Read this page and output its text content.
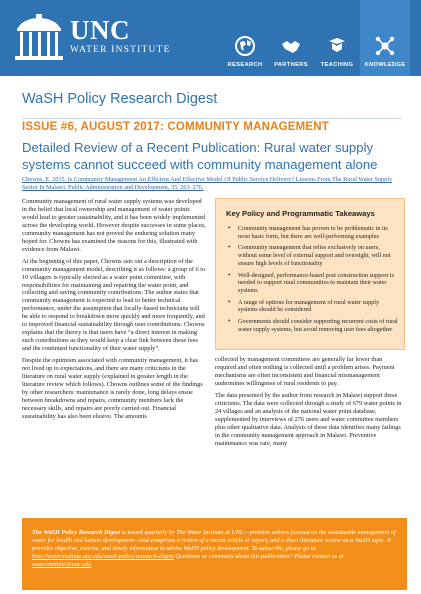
UNC
WATER INSTITUTE
RESEARCH PARTNERS TEACHING KNOWLEDGE
WaSH Policy Research Digest
ISSUE #6, AUGUST 2017: COMMUNITY MANAGEMENT
Detailed Review of a Recent Publication: Rural water supply systems cannot succeed with community management alone
Chowns, E. 2015. Is Community Management An Efficient And Effective Model Of Public Service Delivery? Lessons From The Rural Water Supply Sector In Malawi. Public Administration and Development, 35, 263–276.

Community management of rural water supply systems was developed in the belief that local ownership and management of water points would lead to greater sustainability, and it has been widely implemented across the developing world. However despite successes in some places, community management has not proved the enduring solution many hoped for. Chowns has examined the reasons for this, illustrated with evidence from Malawi.

At the beginning of this paper, Chowns sets out a description of the community management model, describing it as follows: a group of 6 to 10 villagers is typically elected as a water point committee, with responsibilities for maintaining and repairing the water point, and collecting and saving community contributions. The author states that community management is expected to lead to better technical performance, under the assumption that locally-based technicians will be able to respond to breakdown more quickly and more frequently, and to improved financial sustainability through user contributions. Chowns explains that the theory is that users have “a direct interest in making such contributions as they would keep a clear link between these fees and the continued functionality of their water supply”.

Despite the optimism associated with community management, it has not lived up to expectations, and there are many criticisms in the literature on rural water supply (explained in greater length in the literature review which follows). Chowns outlines some of the findings by other researchers: maintenance is rarely done, long delays ensue between breakdowns and repairs, community members lack the necessary skills, and repairs are poorly carried out. Financial sustainability has also been elusive. The amounts

Key Policy and Programmatic Takeaways
• Community management has proven to be problematic in its most basic form, but there are well-performing examples
• Community management that relies exclusively on users, without some level of external support and oversight, will not ensure high levels of functionality
• Well-designed, performance-based post construction support is needed to support rural communities to maintain their water systems
• A range of options for management of rural water supply systems should be considered
• Governments should consider supporting recurrent costs of rural water supply systems, but avoid removing user fees altogether

collected by management committees are generally far lower than required and often nothing is collected until a problem arises. Payment mechanisms are often inconsistent and financial mismanagement undermines willingness of rural residents to pay.

The data presented by the author from research in Malawi support these criticisms. The data were collected through a study of 679 water points in 24 villages and an analysis of the national water point database, supplemented by interviews of 276 users and water committee members plus other qualitative data. Analysis of these data identifies many failings in the community management approach in Malawi. Preventive maintenance was rare, many

The WaSH Policy Research Digest is issued quarterly by The Water Institute at UNC—problem solvers focused on the sustainable management of water for health and human development—and comprises a review of a recent article or report, and a short literature review on a WaSH topic. It provides objective, concise, and timely information to advise WaSH policy development. To subscribe, please go to http://waterinstitute.unc.edu/wash-policy-research-digest Questions or comments about this publication? Please contact us at waterinstitute@unc.edu.
